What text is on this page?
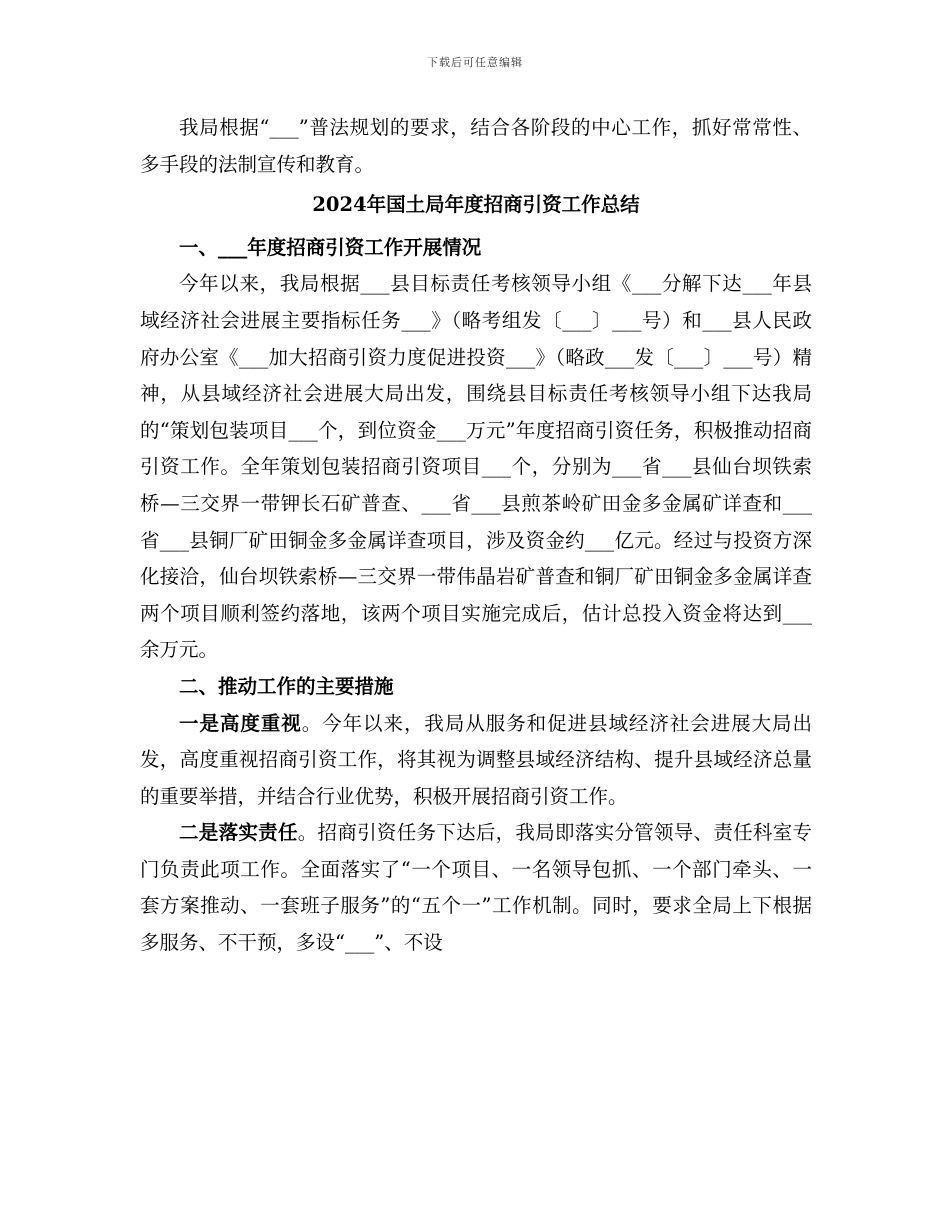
下载后可任意编辑

我局根据“___”普法规划的要求，结合各阶段的中心工作，抓好常常性、多手段的法制宣传和教育。

2024年国土局年度招商引资工作总结

一、___年度招商引资工作开展情况

今年以来，我局根据___县目标责任考核领导小组《___分解下达___年县域经济社会进展主要指标任务___》（略考组发〔___〕___号）和___县人民政府办公室《___加大招商引资力度促进投资___》（略政___发〔___〕___号）精神，从县域经济社会进展大局出发，围绕县目标责任考核领导小组下达我局的“策划包装项目___个，到位资金___万元”年度招商引资任务，积极推动招商引资工作。全年策划包装招商引资项目___个，分别为___省___县仙台坝铁索桥—三交界一带钾长石矿普查、___省___县煎茶岭矿田金多金属矿详查和___省___县铜厂矿田铜金多金属详查项目，涉及资金约___亿元。经过与投资方深化接洽，仙台坝铁索桥—三交界一带伟晶岩矿普查和铜厂矿田铜金多金属详查两个项目顺利签约落地，该两个项目实施完成后，估计总投入资金将达到___余万元。

二、推动工作的主要措施

一是高度重视。今年以来，我局从服务和促进县域经济社会进展大局出发，高度重视招商引资工作，将其视为调整县域经济结构、提升县域经济总量的重要举措，并结合行业优势，积极开展招商引资工作。

二是落实责任。招商引资任务下达后，我局即落实分管领导、责任科室专门负责此项工作。全面落实了“一个项目、一名领导包抓、一个部门牵头、一套方案推动、一套班子服务”的“五个一”工作机制。同时，要求全局上下根据多服务、不干预，多设“___”、不设
